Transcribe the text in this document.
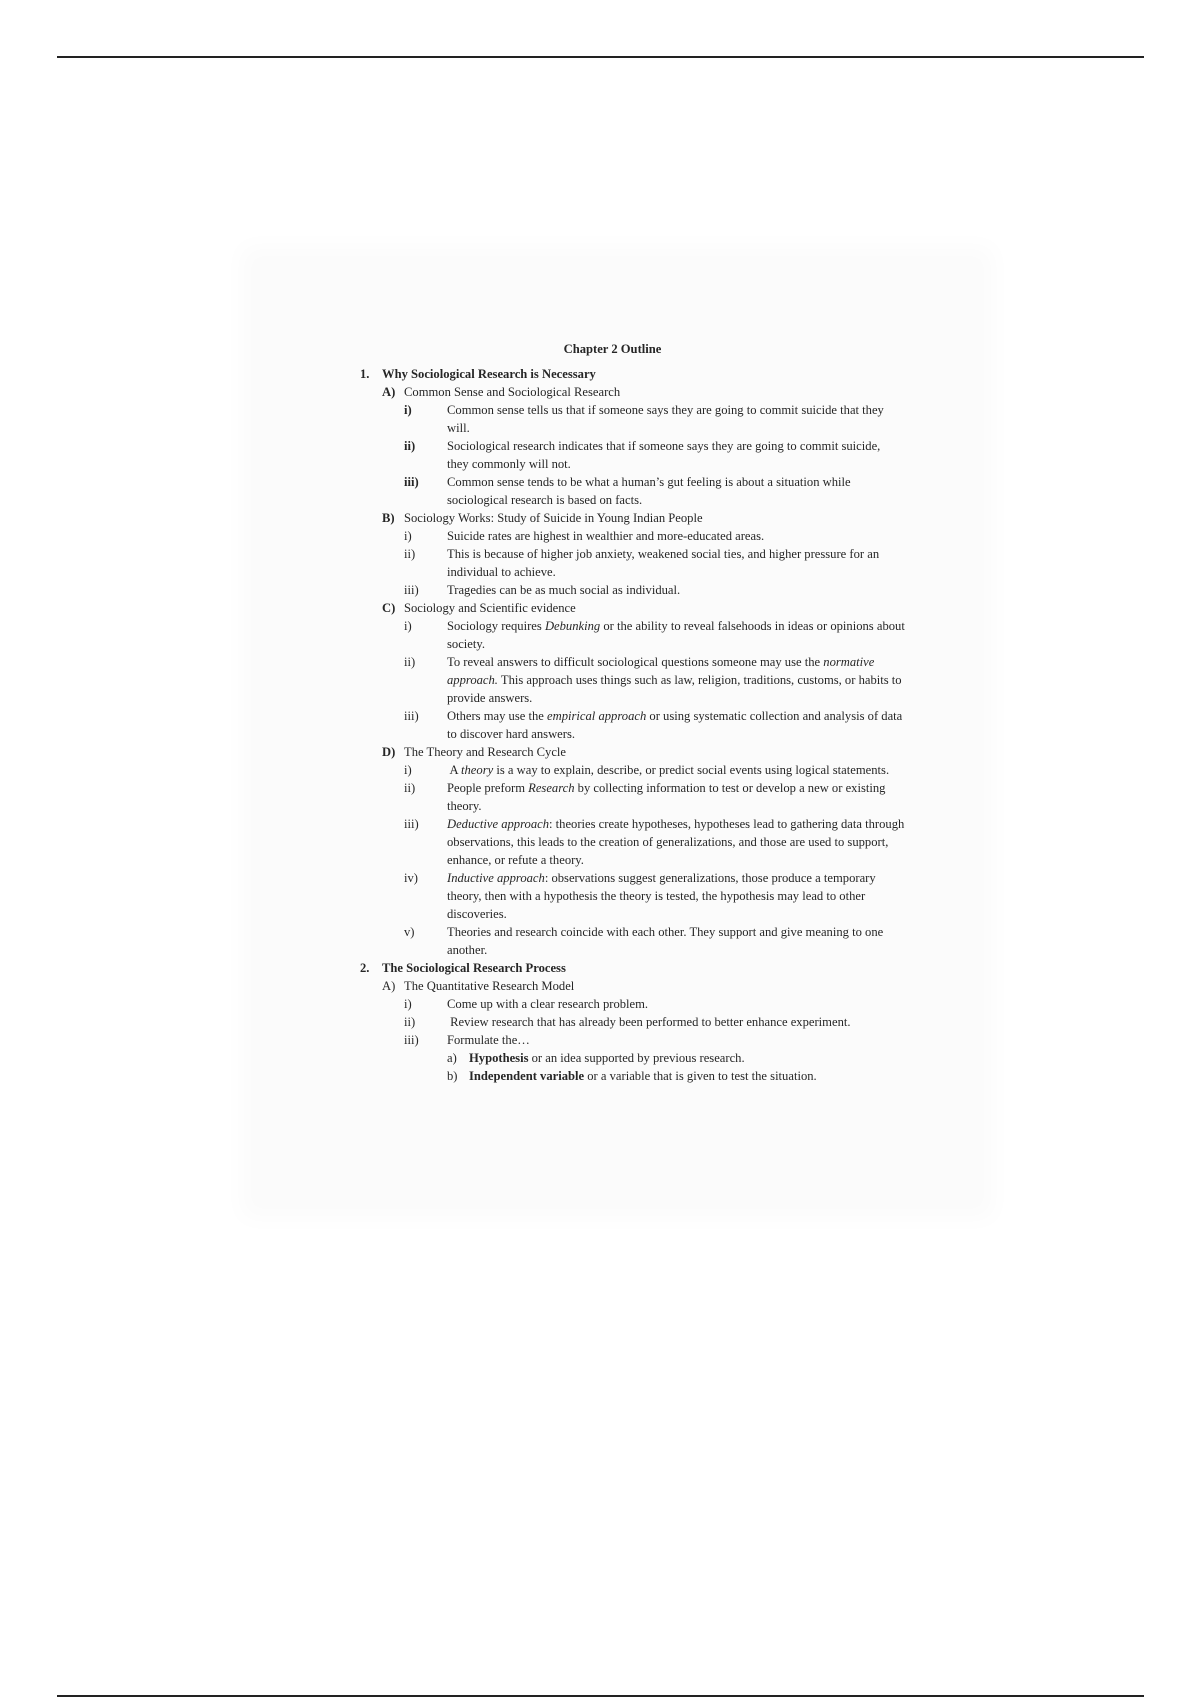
Chapter 2 Outline
1. Why Sociological Research is Necessary
A) Common Sense and Sociological Research
i)	Common sense tells us that if someone says they are going to commit suicide that they will.
ii)	Sociological research indicates that if someone says they are going to commit suicide, they commonly will not.
iii)	Common sense tends to be what a human’s gut feeling is about a situation while sociological research is based on facts.
B) Sociology Works: Study of Suicide in Young Indian People
i)	Suicide rates are highest in wealthier and more-educated areas.
ii)	This is because of higher job anxiety, weakened social ties, and higher pressure for an individual to achieve.
iii)	Tragedies can be as much social as individual.
C) Sociology and Scientific evidence
i)	Sociology requires Debunking or the ability to reveal falsehoods in ideas or opinions about society.
ii)	To reveal answers to difficult sociological questions someone may use the normative approach. This approach uses things such as law, religion, traditions, customs, or habits to provide answers.
iii)	Others may use the empirical approach or using systematic collection and analysis of data to discover hard answers.
D) The Theory and Research Cycle
i)	A theory is a way to explain, describe, or predict social events using logical statements.
ii)	People preform Research by collecting information to test or develop a new or existing theory.
iii)	Deductive approach: theories create hypotheses, hypotheses lead to gathering data through observations, this leads to the creation of generalizations, and those are used to support, enhance, or refute a theory.
iv)	Inductive approach: observations suggest generalizations, those produce a temporary theory, then with a hypothesis the theory is tested, the hypothesis may lead to other discoveries.
v)	Theories and research coincide with each other. They support and give meaning to one another.
2. The Sociological Research Process
A) The Quantitative Research Model
i)	Come up with a clear research problem.
ii)	Review research that has already been performed to better enhance experiment.
iii)	Formulate the…
a) Hypothesis or an idea supported by previous research.
b) Independent variable or a variable that is given to test the situation.
